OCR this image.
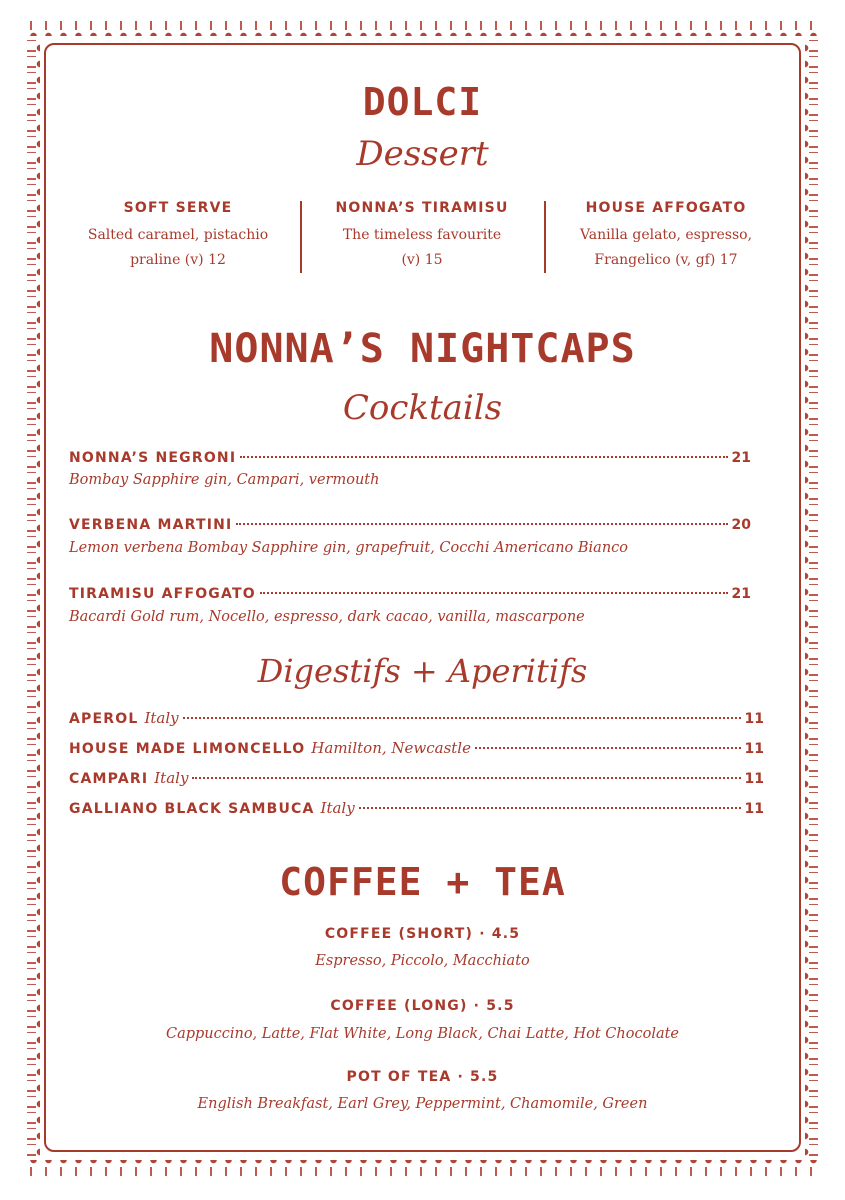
DOLCI
Dessert
SOFT SERVE
Salted caramel, pistachio
praline (v) 12
NONNA’S TIRAMISU
The timeless favourite
(v) 15
HOUSE AFFOGATO
Vanilla gelato, espresso,
Frangelico (v, gf) 17
NONNA’S NIGHTCAPS
Cocktails
NONNA’S NEGRONI	21
Bombay Sapphire gin, Campari, vermouth
VERBENA MARTINI	20
Lemon verbena Bombay Sapphire gin, grapefruit, Cocchi Americano Bianco
TIRAMISU AFFOGATO	21
Bacardi Gold rum, Nocello, espresso, dark cacao, vanilla, mascarpone
Digestifs + Aperitifs
APEROL Italy	11
HOUSE MADE LIMONCELLO Hamilton, Newcastle	11
CAMPARI Italy	11
GALLIANO BLACK SAMBUCA Italy	11
COFFEE + TEA
COFFEE (SHORT) · 4.5
Espresso, Piccolo, Macchiato
COFFEE (LONG) · 5.5
Cappuccino, Latte, Flat White, Long Black, Chai Latte, Hot Chocolate
POT OF TEA · 5.5
English Breakfast, Earl Grey, Peppermint, Chamomile, Green
